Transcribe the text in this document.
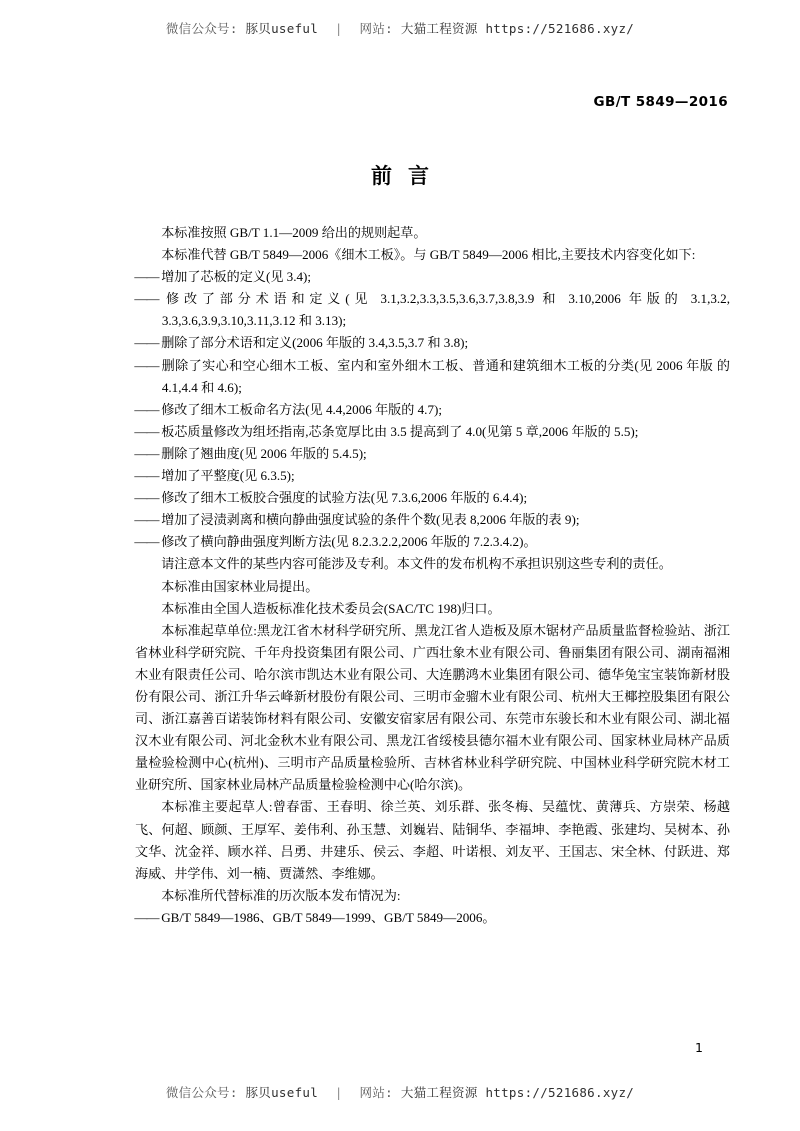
微信公众号: 豚贝useful | 网站: 大猫工程资源 https://521686.xyz/
GB/T 5849—2016
前言

本标准按照 GB/T 1.1—2009 给出的规则起草。

本标准代替 GB/T 5849—2006《细木工板》。与 GB/T 5849—2006 相比,主要技术内容变化如下:

—— 增加了芯板的定义(见 3.4);

—— 修改了部分术语和定义(见 3.1,3.2,3.3,3.5,3.6,3.7,3.8,3.9 和 3.10,2006 年版的 3.1,3.2, 3.3,3.6,3.9,3.10,3.11,3.12 和 3.13);

—— 删除了部分术语和定义(2006 年版的 3.4,3.5,3.7 和 3.8);

—— 删除了实心和空心细木工板、室内和室外细木工板、普通和建筑细木工板的分类(见 2006 年版 的 4.1,4.4 和 4.6);

—— 修改了细木工板命名方法(见 4.4,2006 年版的 4.7);

—— 板芯质量修改为组坯指南,芯条宽厚比由 3.5 提高到了 4.0(见第 5 章,2006 年版的 5.5);

—— 删除了翘曲度(见 2006 年版的 5.4.5);

—— 增加了平整度(见 6.3.5);

—— 修改了细木工板胶合强度的试验方法(见 7.3.6,2006 年版的 6.4.4);

—— 增加了浸渍剥离和横向静曲强度试验的条件个数(见表 8,2006 年版的表 9);

—— 修改了横向静曲强度判断方法(见 8.2.3.2.2,2006 年版的 7.2.3.4.2)。

请注意本文件的某些内容可能涉及专利。本文件的发布机构不承担识别这些专利的责任。

本标准由国家林业局提出。

本标准由全国人造板标准化技术委员会(SAC/TC 198)归口。

本标准起草单位:黑龙江省木材科学研究所、黑龙江省人造板及原木锯材产品质量监督检验站、浙江省林业科学研究院、千年舟投资集团有限公司、广西壮象木业有限公司、鲁丽集团有限公司、湖南福湘木业有限责任公司、哈尔滨市凯达木业有限公司、大连鹏鸿木业集团有限公司、德华兔宝宝装饰新材股份有限公司、浙江升华云峰新材股份有限公司、三明市金骝木业有限公司、杭州大王椰控股集团有限公司、浙江嘉善百诺装饰材料有限公司、安徽安宿家居有限公司、东莞市东骏长和木业有限公司、湖北福汉木业有限公司、河北金秋木业有限公司、黑龙江省绥棱县德尔福木业有限公司、国家林业局林产品质量检验检测中心(杭州)、三明市产品质量检验所、吉林省林业科学研究院、中国林业科学研究院木材工业研究所、国家林业局林产品质量检验检测中心(哈尔滨)。

本标准主要起草人:曾春雷、王春明、徐兰英、刘乐群、张冬梅、吴蕴忱、黄薄兵、方崇荣、杨越飞、何超、顾颜、王厚军、姜伟利、孙玉慧、刘巍岩、陆铜华、李福坤、李艳霞、张建均、吴树本、孙文华、沈金祥、顾水祥、吕勇、井建乐、侯云、李超、叶诺根、刘友平、王国志、宋全林、付跃进、郑海威、井学伟、刘一楠、贾潇然、李维娜。

本标准所代替标准的历次版本发布情况为:

—— GB/T 5849—1986、GB/T 5849—1999、GB/T 5849—2006。

1
微信公众号: 豚贝useful | 网站: 大猫工程资源 https://521686.xyz/
